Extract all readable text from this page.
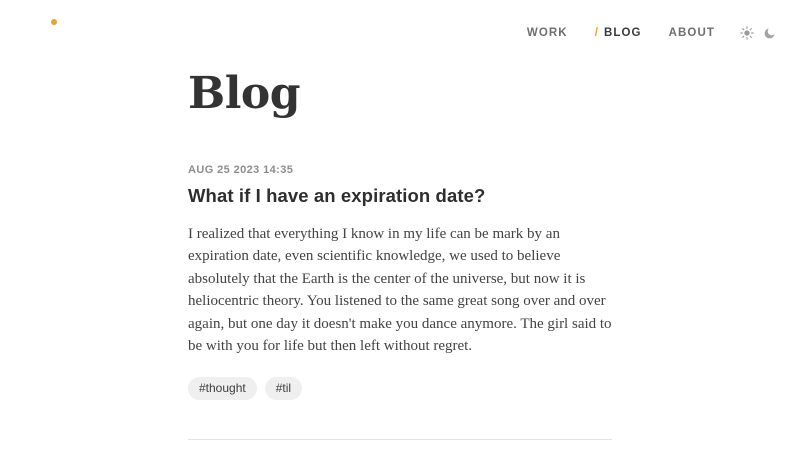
WORK / BLOG ABOUT
Blog
AUG 25 2023 14:35
What if I have an expiration date?

I realized that everything I know in my life can be mark by an expiration date, even scientific knowledge, we used to believe absolutely that the Earth is the center of the universe, but now it is heliocentric theory. You listened to the same great song over and over again, but one day it doesn't make you dance anymore. The girl said to be with you for life but then left without regret.

#thought	#til
